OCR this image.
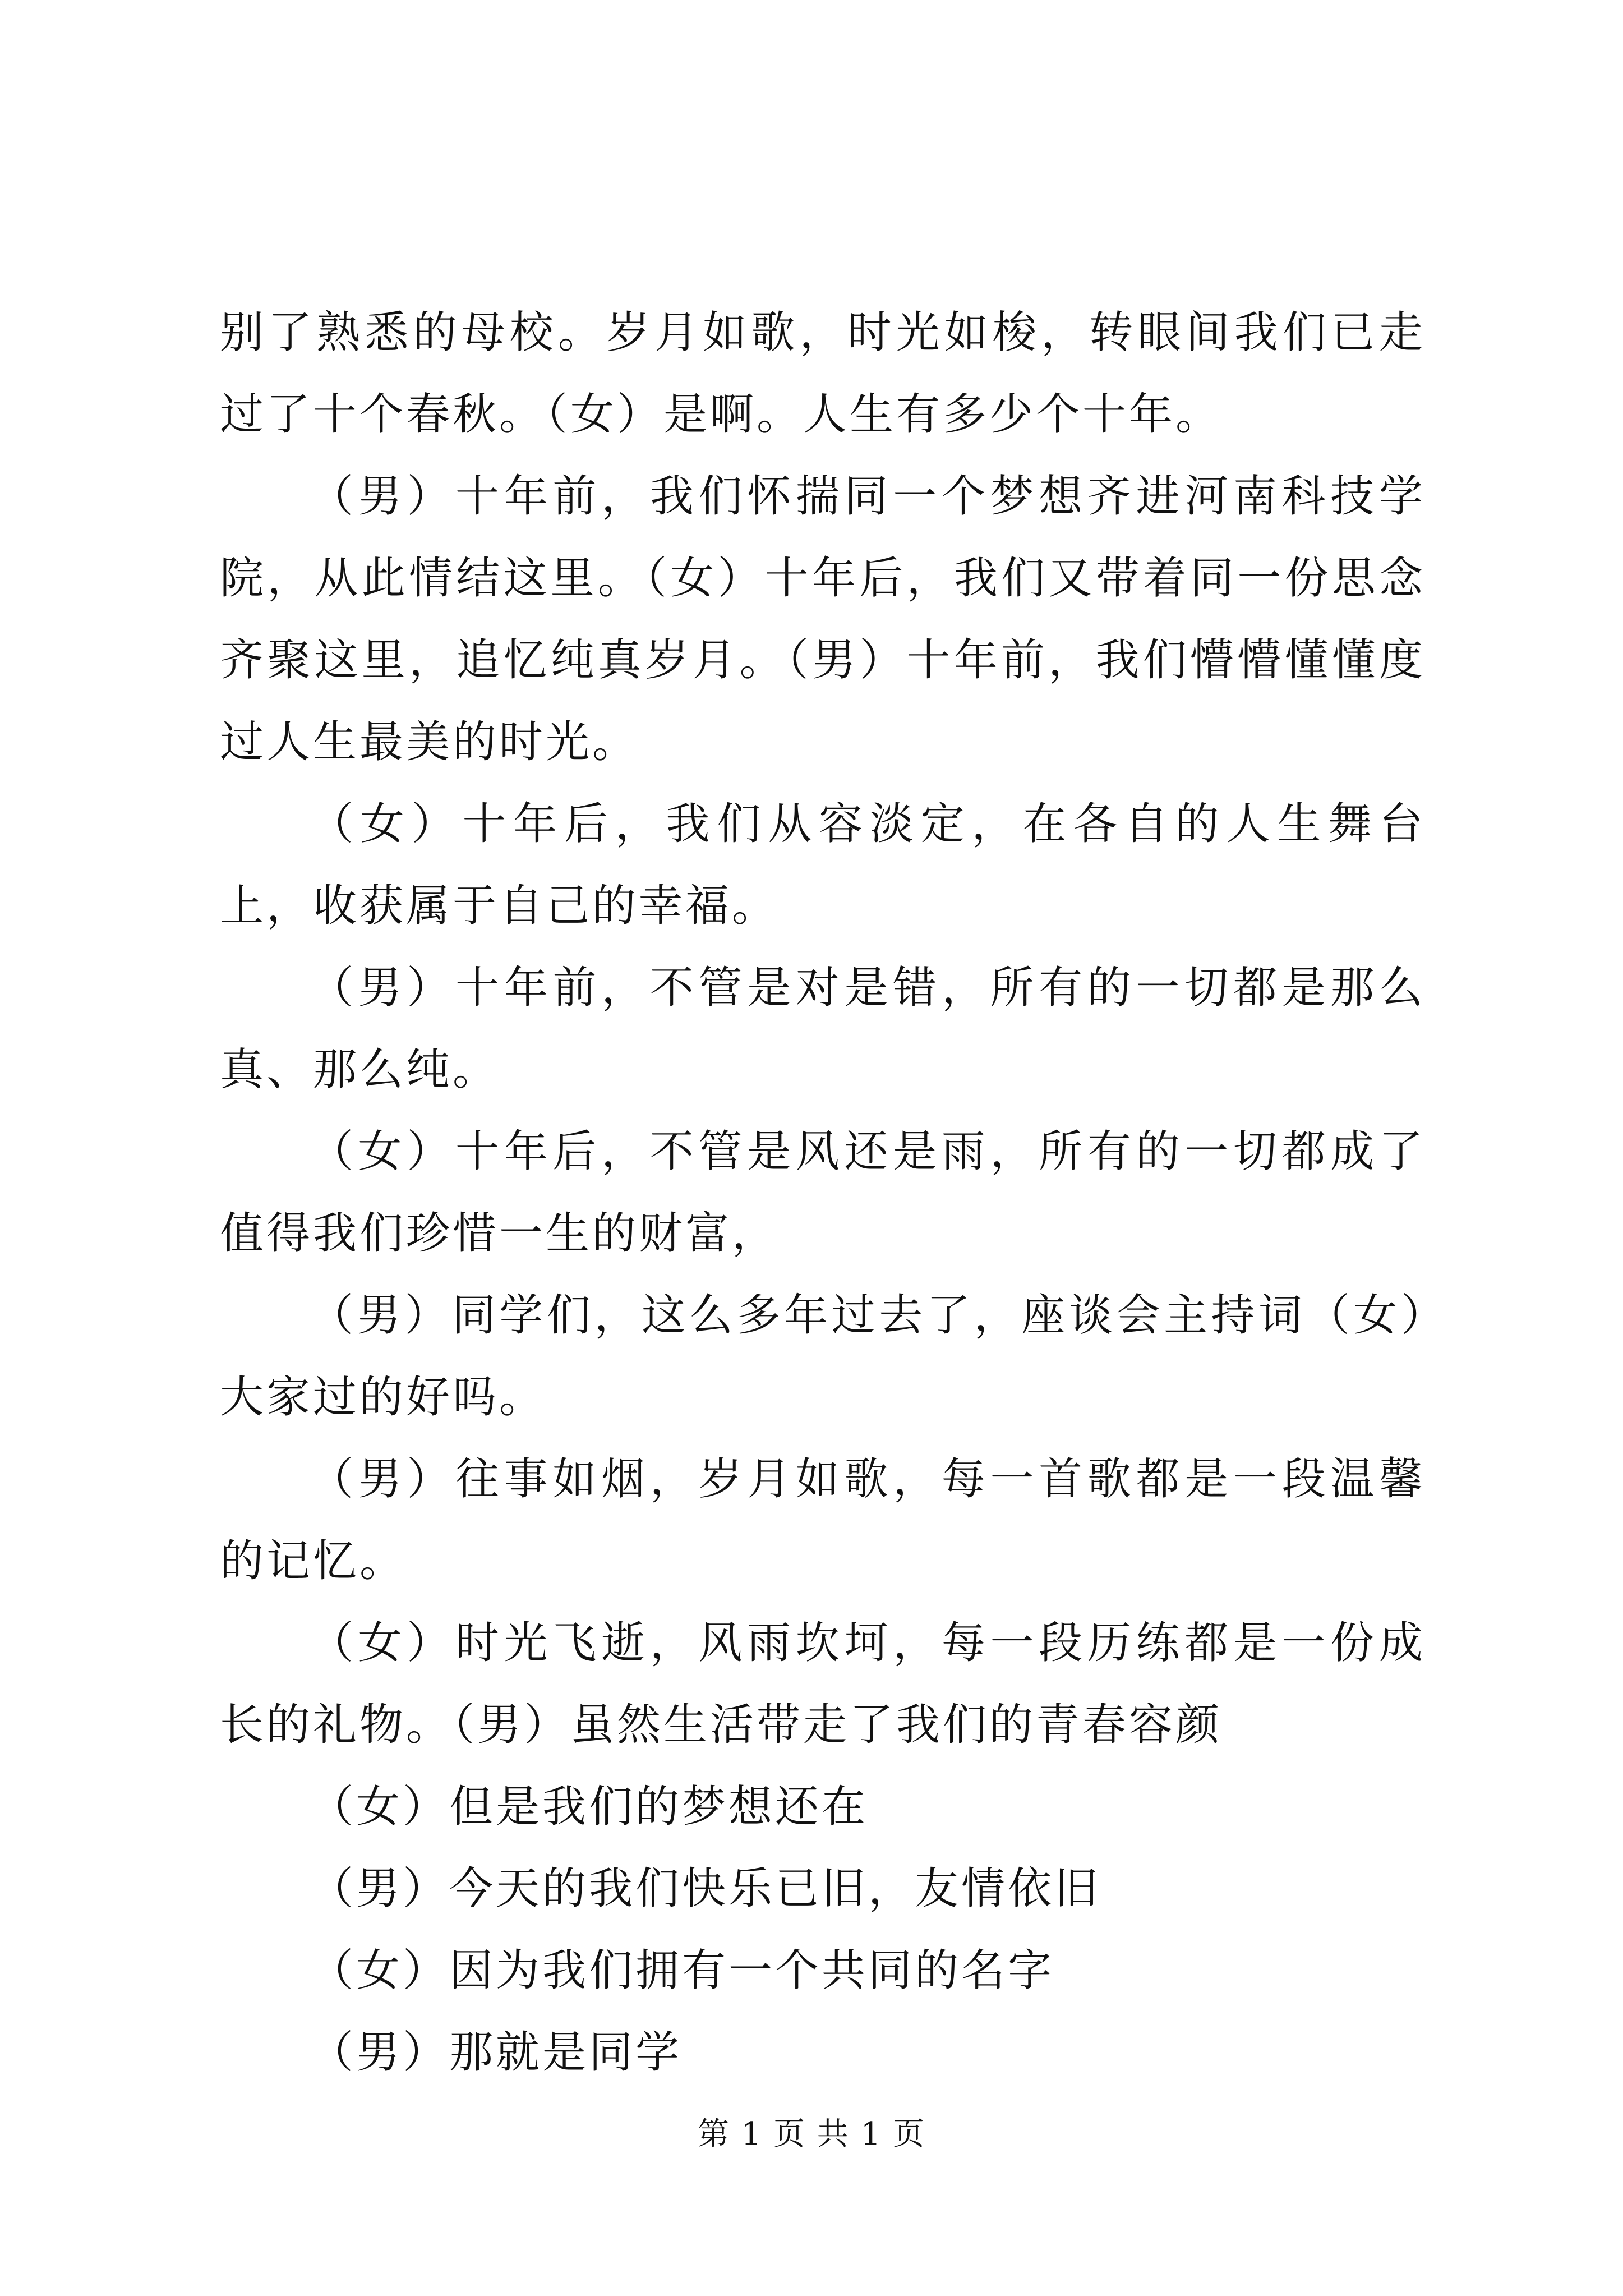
别了熟悉的母校。岁月如歌，时光如梭，转眼间我们已走过了十个春秋。（女）是啊。人生有多少个十年。

（男）十年前，我们怀揣同一个梦想齐进河南科技学院，从此情结这里。（女）十年后，我们又带着同一份思念齐聚这里，追忆纯真岁月。（男）十年前，我们懵懵懂懂度过人生最美的时光。

（女）十年后，我们从容淡定，在各自的人生舞台上，收获属于自己的幸福。

（男）十年前，不管是对是错，所有的一切都是那么真、那么纯。

（女）十年后，不管是风还是雨，所有的一切都成了值得我们珍惜一生的财富，

（男）同学们，这么多年过去了，座谈会主持词（女）大家过的好吗。

（男）往事如烟，岁月如歌，每一首歌都是一段温馨的记忆。

（女）时光飞逝，风雨坎坷，每一段历练都是一份成长的礼物。（男）虽然生活带走了我们的青春容颜

（女）但是我们的梦想还在

（男）今天的我们快乐已旧，友情依旧

（女）因为我们拥有一个共同的名字

（男）那就是同学

第 1 页 共 1 页
